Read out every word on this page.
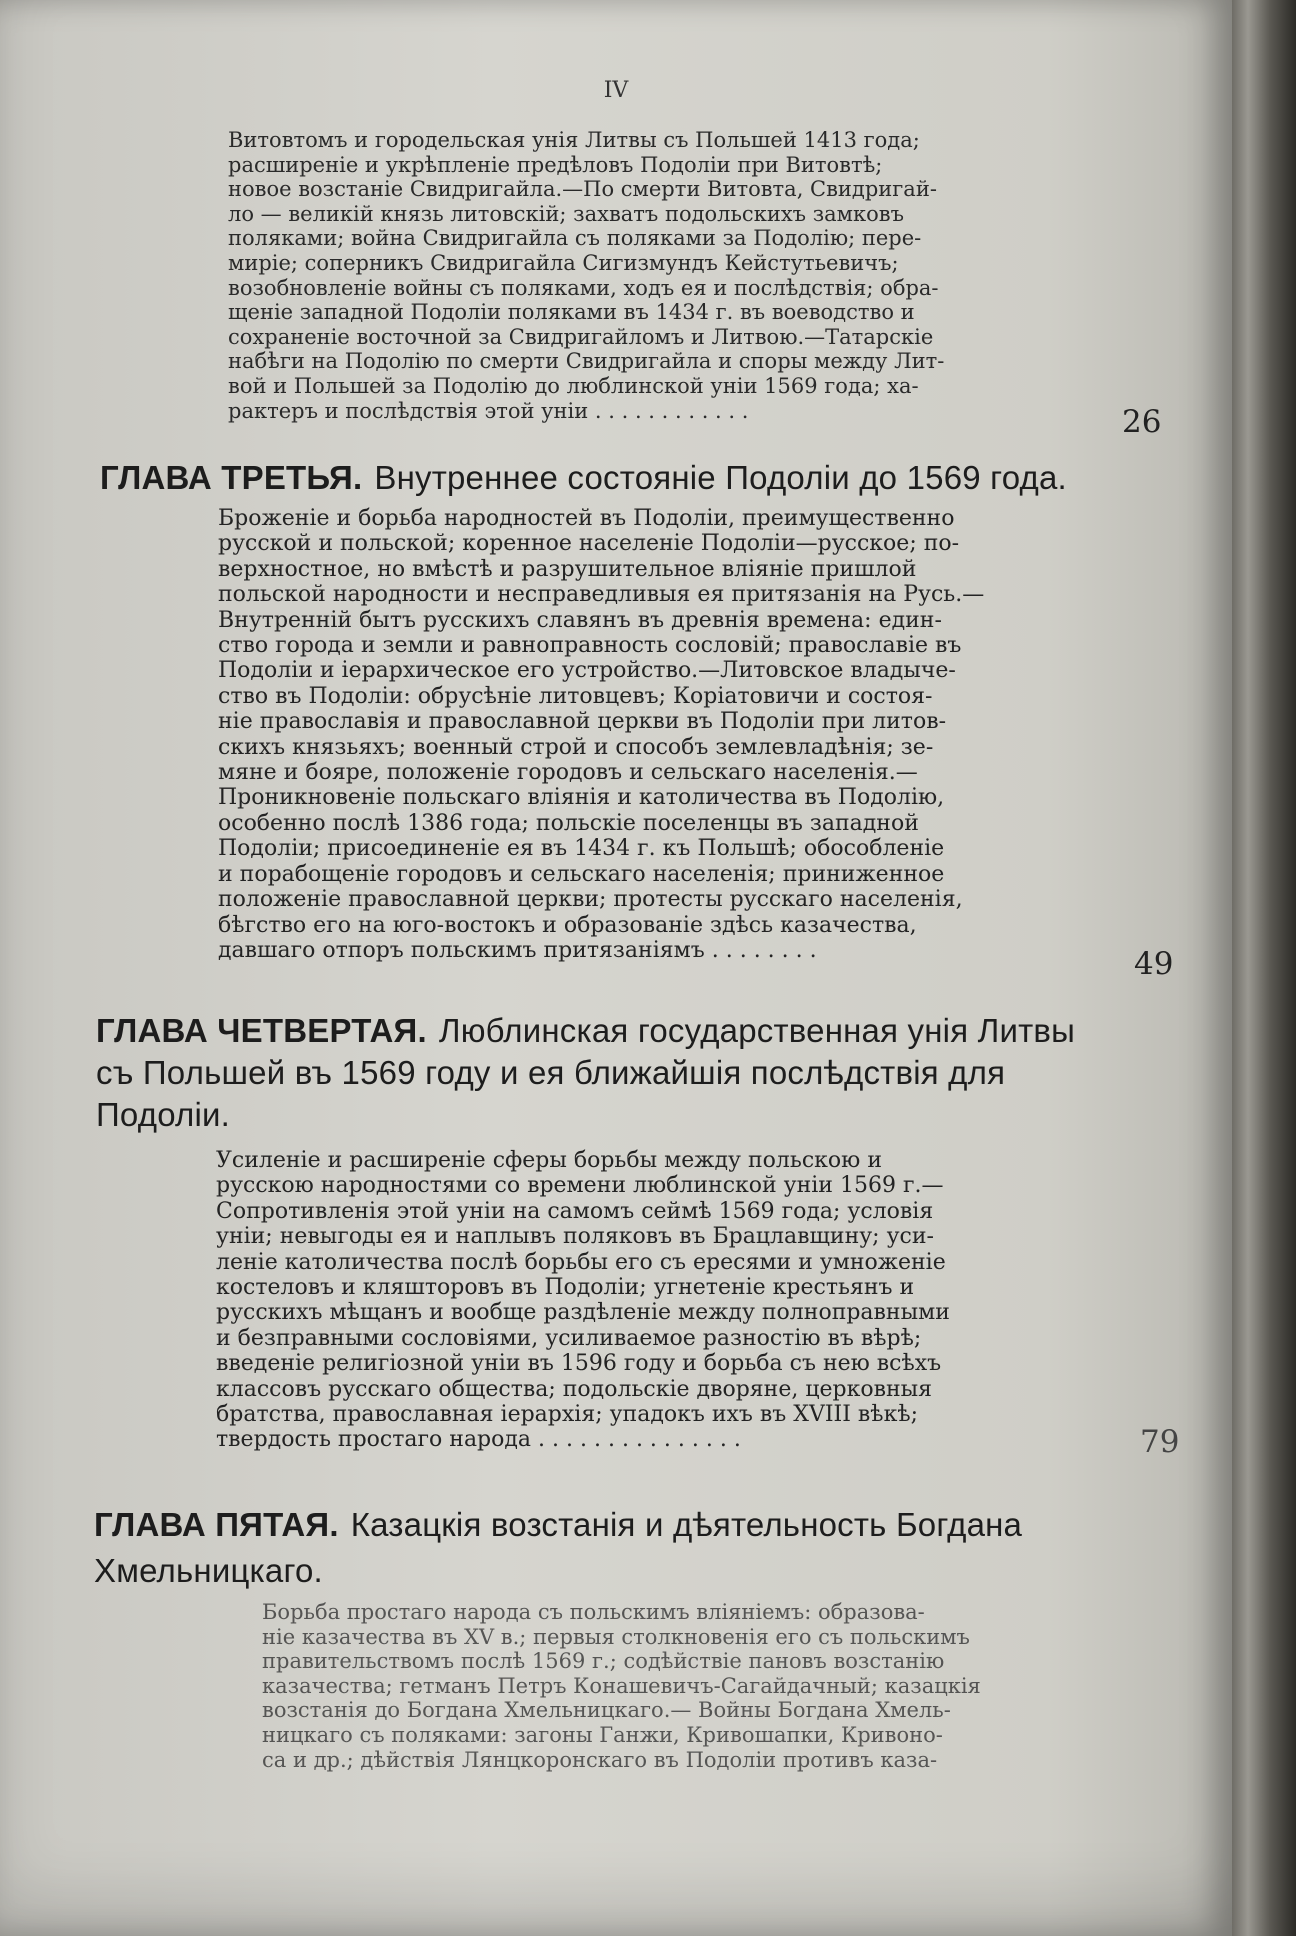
IV
Витовтомъ и городельская унія Литвы съ Польшей 1413 года;
расширеніе и укрѣпленіе предѣловъ Подоліи при Витовтѣ;
новое возстаніе Свидригайла.—По смерти Витовта, Свидригай-
ло — великій князь литовскій; захватъ подольскихъ замковъ
поляками; война Свидригайла съ поляками за Подолію; пере-
миріе; соперникъ Свидригайла Сигизмундъ Кейстутьевичъ;
возобновленіе войны съ поляками, ходъ ея и послѣдствія; обра-
щеніе западной Подоліи поляками въ 1434 г. въ воеводство и
сохраненіе восточной за Свидригайломъ и Литвою.—Татарскіе
набѣги на Подолію по смерти Свидригайла и споры между Лит-
вой и Польшей за Подолію до люблинской уніи 1569 года; ха-
рактеръ и послѣдствія этой уніи . . . . . . . . . . . .	26
ГЛАВА ТРЕТЬЯ. Внутреннее состояніе Подоліи до 1569 года.
Броженіе и борьба народностей въ Подоліи, преимущественно
русской и польской; коренное населеніе Подоліи—русское; по-
верхностное, но вмѣстѣ и разрушительное вліяніе пришлой
польской народности и несправедливыя ея притязанія на Русь.—
Внутренній бытъ русскихъ славянъ въ древнія времена: един-
ство города и земли и равноправность сословій; православіе въ
Подоліи и іерархическое его устройство.—Литовское владыче-
ство въ Подоліи: обрусѣніе литовцевъ; Коріатовичи и состоя-
ніе православія и православной церкви въ Подоліи при литов-
скихъ князьяхъ; военный строй и способъ землевладѣнія; зе-
мяне и бояре, положеніе городовъ и сельскаго населенія.—
Проникновеніе польскаго вліянія и католичества въ Подолію,
особенно послѣ 1386 года; польскіе поселенцы въ западной
Подоліи; присоединеніе ея въ 1434 г. къ Польшѣ; обособленіе
и порабощеніе городовъ и сельскаго населенія; приниженное
положеніе православной церкви; протесты русскаго населенія,
бѣгство его на юго-востокъ и образованіе здѣсь казачества,
давшаго отпоръ польскимъ притязаніямъ . . . . . . . .	49
ГЛАВА ЧЕТВЕРТАЯ. Люблинская государственная унія Литвы съ Польшей въ 1569 году и ея ближайшія послѣдствія для Подоліи.
Усиленіе и расширеніе сферы борьбы между польскою и
русскою народностями со времени люблинской уніи 1569 г.—
Сопротивленія этой уніи на самомъ сеймѣ 1569 года; условія
уніи; невыгоды ея и наплывъ поляковъ въ Брацлавщину; уси-
леніе католичества послѣ борьбы его съ ересями и умноженіе
костеловъ и кляшторовъ въ Подоліи; угнетеніе крестьянъ и
русскихъ мѣщанъ и вообще раздѣленіе между полноправными
и безправными сословіями, усиливаемое разностію въ вѣрѣ;
введеніе религіозной уніи въ 1596 году и борьба съ нею всѣхъ
классовъ русскаго общества; подольскіе дворяне, церковныя
братства, православная іерархія; упадокъ ихъ въ XVIII вѣкѣ;
твердость простаго народа . . . . . . . . . . . . . . .	79
ГЛАВА ПЯТАЯ. Казацкія возстанія и дѣятельность Богдана Хмельницкаго.
Борьба простаго народа съ польскимъ вліяніемъ: образова-
ніе казачества въ XV в.; первыя столкновенія его съ польскимъ
правительствомъ послѣ 1569 г.; содѣйствіе пановъ возстанію
казачества; гетманъ Петръ Конашевичъ-Сагайдачный; казацкія
возстанія до Богдана Хмельницкаго.— Войны Богдана Хмель-
ницкаго съ поляками: загоны Ганжи, Кривошапки, Кривоно-
са и др.; дѣйствія Лянцкоронскаго въ Подоліи противъ каза-
